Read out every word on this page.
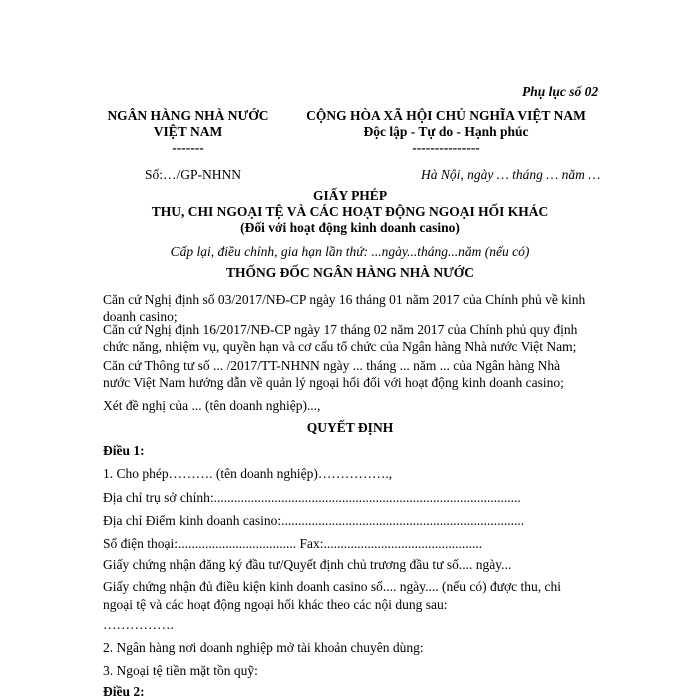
Phụ lục số 02
NGÂN HÀNG NHÀ NƯỚC
VIỆT NAM
-------
CỘNG HÒA XÃ HỘI CHỦ NGHĨA VIỆT NAM
Độc lập - Tự do - Hạnh phúc
---------------
Số:…/GP-NHNN	Hà Nội, ngày … tháng … năm …
GIẤY PHÉP
THU, CHI NGOẠI TỆ VÀ CÁC HOẠT ĐỘNG NGOẠI HỐI KHÁC
(Đối với hoạt động kinh doanh casino)
Cấp lại, điều chỉnh, gia hạn lần thứ: ...ngày...tháng...năm (nếu có)
THỐNG ĐỐC NGÂN HÀNG NHÀ NƯỚC
Căn cứ Nghị định số 03/2017/NĐ-CP ngày 16 tháng 01 năm 2017 của Chính phủ về kinh
doanh casino;
Căn cứ Nghị định 16/2017/NĐ-CP ngày 17 tháng 02 năm 2017 của Chính phủ quy định
chức năng, nhiệm vụ, quyền hạn và cơ cấu tổ chức của Ngân hàng Nhà nước Việt Nam;
Căn cứ Thông tư số ... /2017/TT-NHNN ngày ... tháng ... năm ... của Ngân hàng Nhà
nước Việt Nam hướng dẫn về quản lý ngoại hối đối với hoạt động kinh doanh casino;
Xét đề nghị của ... (tên doanh nghiệp)...,
QUYẾT ĐỊNH
Điều 1:
1. Cho phép………. (tên doanh nghiệp)…………….,
Địa chỉ trụ sở chính:...........................................................................................
Địa chỉ Điểm kinh doanh casino:........................................................................
Số điện thoại:................................... Fax:...............................................
Giấy chứng nhận đăng ký đầu tư/Quyết định chủ trương đầu tư số.... ngày...
Giấy chứng nhận đủ điều kiện kinh doanh casino số.... ngày.... (nếu có) được thu, chi
ngoại tệ và các hoạt động ngoại hối khác theo các nội dung sau:
…………….
2. Ngân hàng nơi doanh nghiệp mở tài khoản chuyên dùng:
3. Ngoại tệ tiền mặt tồn quỹ:
Điều 2:
